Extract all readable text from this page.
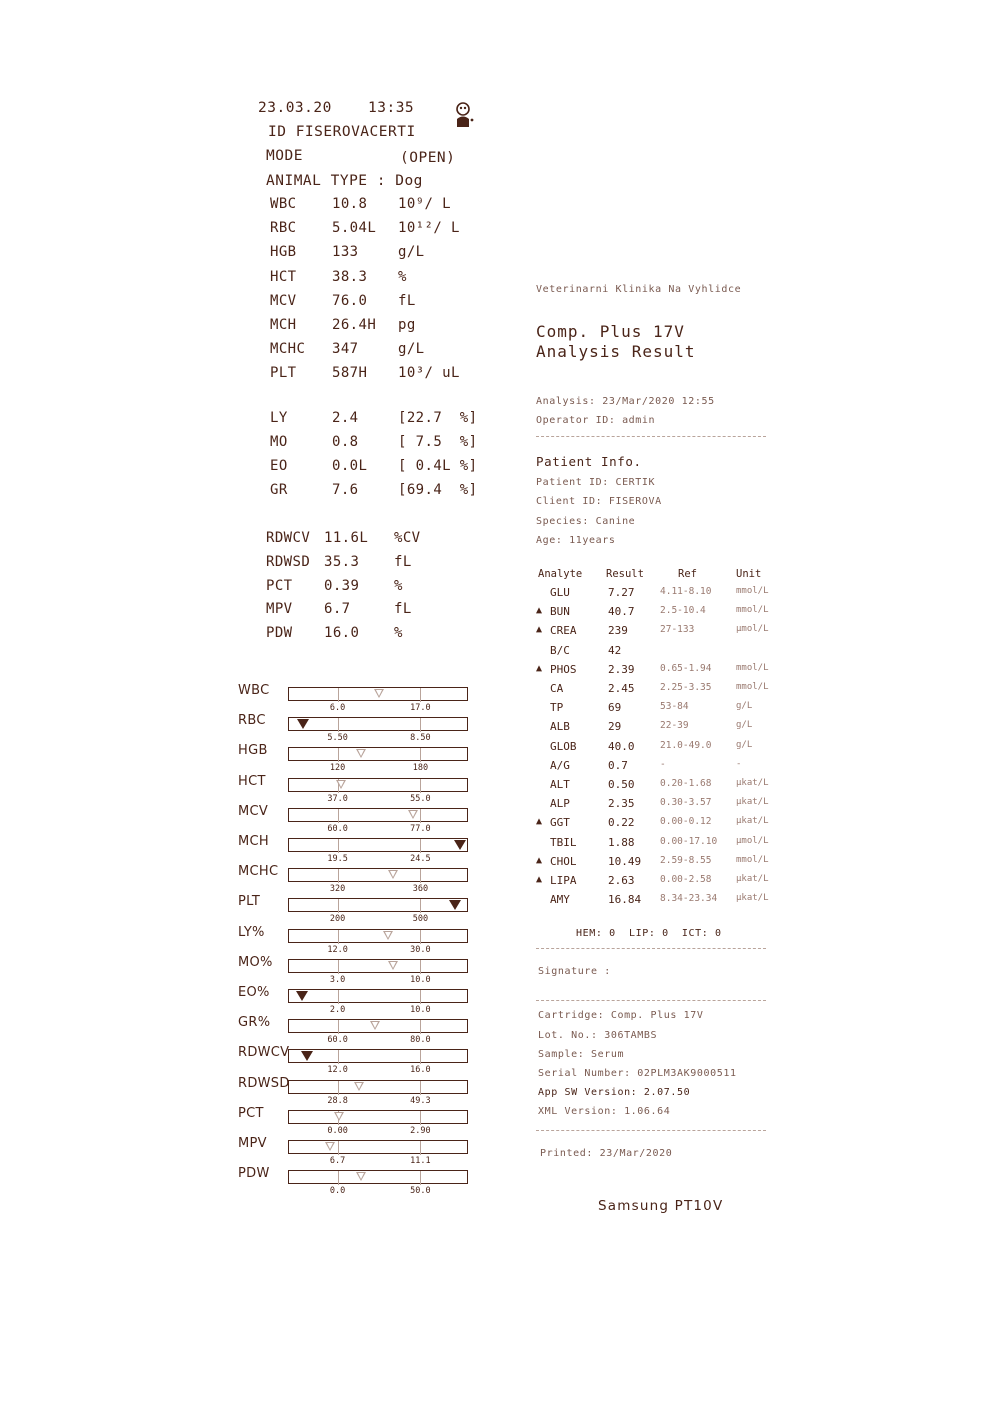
23.03.20 13:35
ID FISEROVACERTI
MODE	(OPEN)
ANIMAL TYPE : Dog
WBC	10.8 10⁹/ L
RBC	5.04L 10¹²/ L
HGB	133	g/L
HCT	38.3 %
MCV	76.0 fL
MCH	26.4H pg
MCHC 347	g/L
PLT	587H 10³/ uL
LY	2.4	[22.7  %]
MO	0.8	[ 7.5  %]
EO	0.0L [ 0.4L %]
GR	7.6	[69.4  %]
RDWCV 11.6L %CV
RDWSD 35.3 fL
PCT 0.39 %
MPV 6.7	fL
PDW 16.0 %
WBC
6.0	17.0
RBC
5.50	8.50
HGB
120	180
HCT
37.0	55.0
MCV
60.0	77.0
MCH
19.5	24.5
MCHC
320	360
PLT
200	500
LY%
12.0	30.0
MO%
3.0	10.0
EO%
2.0	10.0
GR%
60.0	80.0
RDWCV
12.0	16.0
RDWSD
28.8	49.3
PCT
0.00	2.90
MPV
6.7	11.1
PDW
0.0	50.0
Veterinarni Klinika Na Vyhlidce
Comp. Plus 17V
Analysis Result
Analysis: 23/Mar/2020 12:55
Operator ID: admin
Patient Info.
Patient ID: CERTIK
Client ID: FISEROVA
Species: Canine
Age: 11years
Analyte Result	Ref	Unit
GLU	7.27	4.11-8.10	mmol/L
▲ BUN	40.7	2.5-10.4	mmol/L
▲ CREA	239	27-133	µmol/L
B/C	42
▲ PHOS	2.39	0.65-1.94	mmol/L
CA	2.45	2.25-3.35	mmol/L
TP	69	53-84	g/L
ALB	29	22-39	g/L
GLOB	40.0	21.0-49.0	g/L
A/G	0.7	-	-
ALT	0.50	0.20-1.68	µkat/L
ALP	2.35	0.30-3.57	µkat/L
▲ GGT	0.22	0.00-0.12	µkat/L
TBIL	1.88	0.00-17.10 µmol/L
▲ CHOL	10.49 2.59-8.55	mmol/L
▲ LIPA	2.63	0.00-2.58	µkat/L
AMY	16.84 8.34-23.34 µkat/L
HEM: 0  LIP: 0  ICT: 0
Signature :
Cartridge: Comp. Plus 17V
Lot. No.: 306TAMBS
Sample: Serum
Serial Number: 02PLM3AK9000511
App SW Version: 2.07.50
XML Version: 1.06.64
Printed: 23/Mar/2020
Samsung PT10V
